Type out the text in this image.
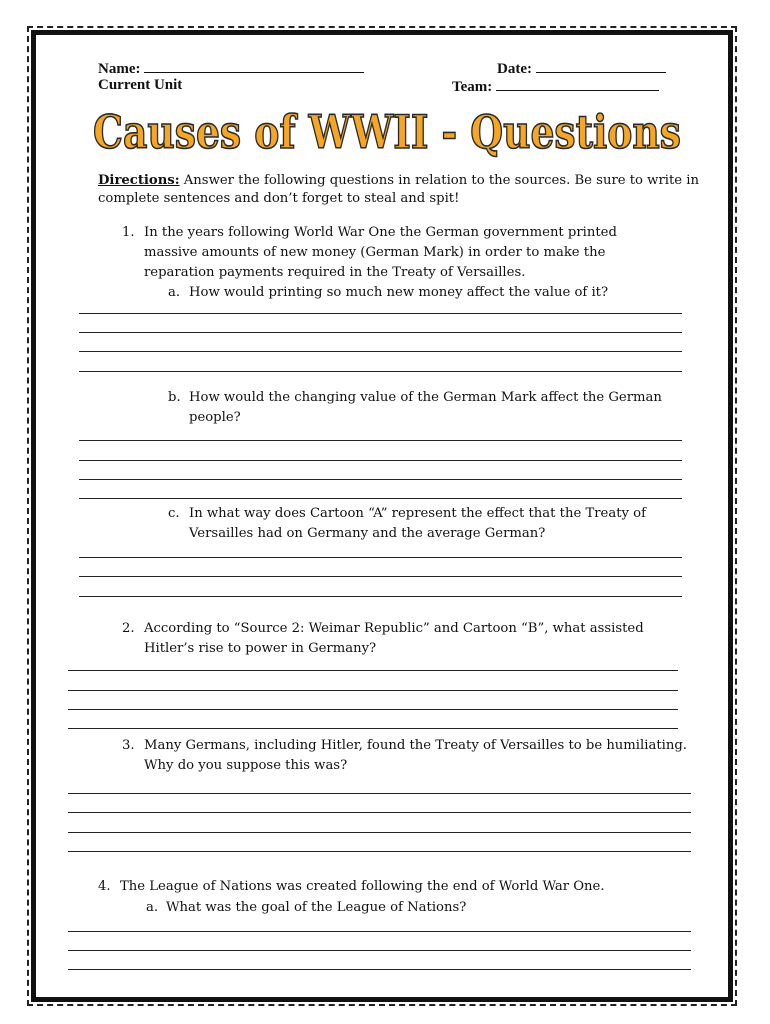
Name:	Date:
Current Unit	Team:
Causes of WWII - Questions
Directions: Answer the following questions in relation to the sources. Be sure to write in
complete sentences and don’t forget to steal and spit!
1. In the years following World War One the German government printed
massive amounts of new money (German Mark) in order to make the
reparation payments required in the Treaty of Versailles.
a. How would printing so much new money affect the value of it?
b. How would the changing value of the German Mark affect the German
people?
c. In what way does Cartoon “A” represent the effect that the Treaty of
Versailles had on Germany and the average German?
2. According to “Source 2: Weimar Republic” and Cartoon “B”, what assisted
Hitler’s rise to power in Germany?
3. Many Germans, including Hitler, found the Treaty of Versailles to be humiliating.
Why do you suppose this was?
4. The League of Nations was created following the end of World War One.
a. What was the goal of the League of Nations?
